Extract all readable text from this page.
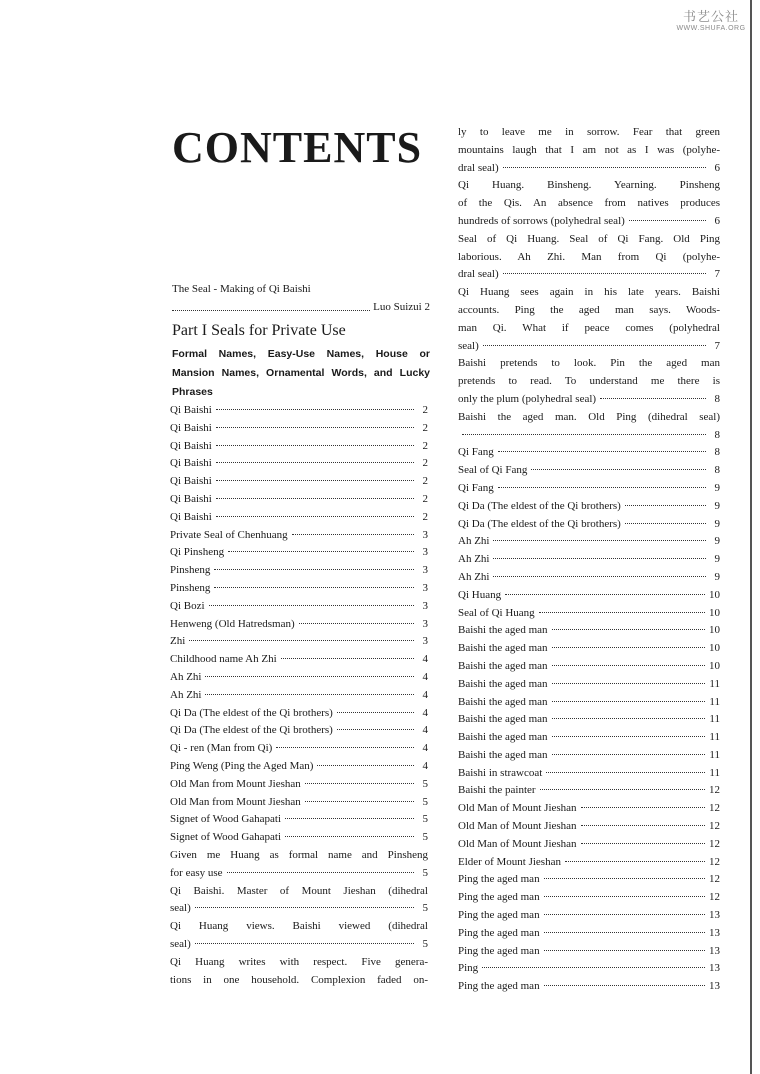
书艺公社
WWW.SHUFA.ORG
CONTENTS
The Seal - Making of Qi Baishi
Luo Suizui 2
Part I Seals for Private Use
Formal Names, Easy-Use Names, House or Mansion Names, Ornamental Words, and Lucky Phrases
Qi Baishi	2
Qi Baishi	2
Qi Baishi	2
Qi Baishi	2
Qi Baishi	2
Qi Baishi	2
Qi Baishi	2
Private Seal of Chenhuang	3
Qi Pinsheng	3
Pinsheng	3
Pinsheng	3
Qi Bozi	3
Henweng (Old Hatredsman)	3
Zhi	3
Childhood name Ah Zhi	4
Ah Zhi	4
Ah Zhi	4
Qi Da (The eldest of the Qi brothers)	4
Qi Da (The eldest of the Qi brothers)	4
Qi - ren (Man from Qi)	4
Ping Weng (Ping the Aged Man)	4
Old Man from Mount Jieshan	5
Old Man from Mount Jieshan	5
Signet of Wood Gahapati	5
Signet of Wood Gahapati	5
Given me Huang as formal name and Pinsheng
for easy use	5
Qi Baishi. Master of Mount Jieshan (dihedral
seal)	5
Qi Huang views. Baishi viewed (dihedral
seal)	5
Qi Huang writes with respect. Five genera-
tions in one household. Complexion faded on-
ly to leave me in sorrow. Fear that green
mountains laugh that I am not as I was (polyhe-
dral seal)	6
Qi Huang. Binsheng. Yearning. Pinsheng
of the Qis. An absence from natives produces
hundreds of sorrows (polyhedral seal)	6
Seal of Qi Huang. Seal of Qi Fang. Old Ping
laborious. Ah Zhi. Man from Qi (polyhe-
dral seal)	7
Qi Huang sees again in his late years. Baishi
accounts. Ping the aged man says. Woods-
man Qi. What if peace comes (polyhedral
seal)	7
Baishi pretends to look. Pin the aged man
pretends to read. To understand me there is
only the plum (polyhedral seal)	8
Baishi the aged man. Old Ping (dihedral seal)
8
Qi Fang	8
Seal of Qi Fang	8
Qi Fang	9
Qi Da (The eldest of the Qi brothers)	9
Qi Da (The eldest of the Qi brothers)	9
Ah Zhi	9
Ah Zhi	9
Ah Zhi	9
Qi Huang	10
Seal of Qi Huang	10
Baishi the aged man	10
Baishi the aged man	10
Baishi the aged man	10
Baishi the aged man	11
Baishi the aged man	11
Baishi the aged man	11
Baishi the aged man	11
Baishi the aged man	11
Baishi in strawcoat	11
Baishi the painter	12
Old Man of Mount Jieshan	12
Old Man of Mount Jieshan	12
Old Man of Mount Jieshan	12
Elder of Mount Jieshan	12
Ping the aged man	12
Ping the aged man	12
Ping the aged man	13
Ping the aged man	13
Ping the aged man	13
Ping	13
Ping the aged man	13
